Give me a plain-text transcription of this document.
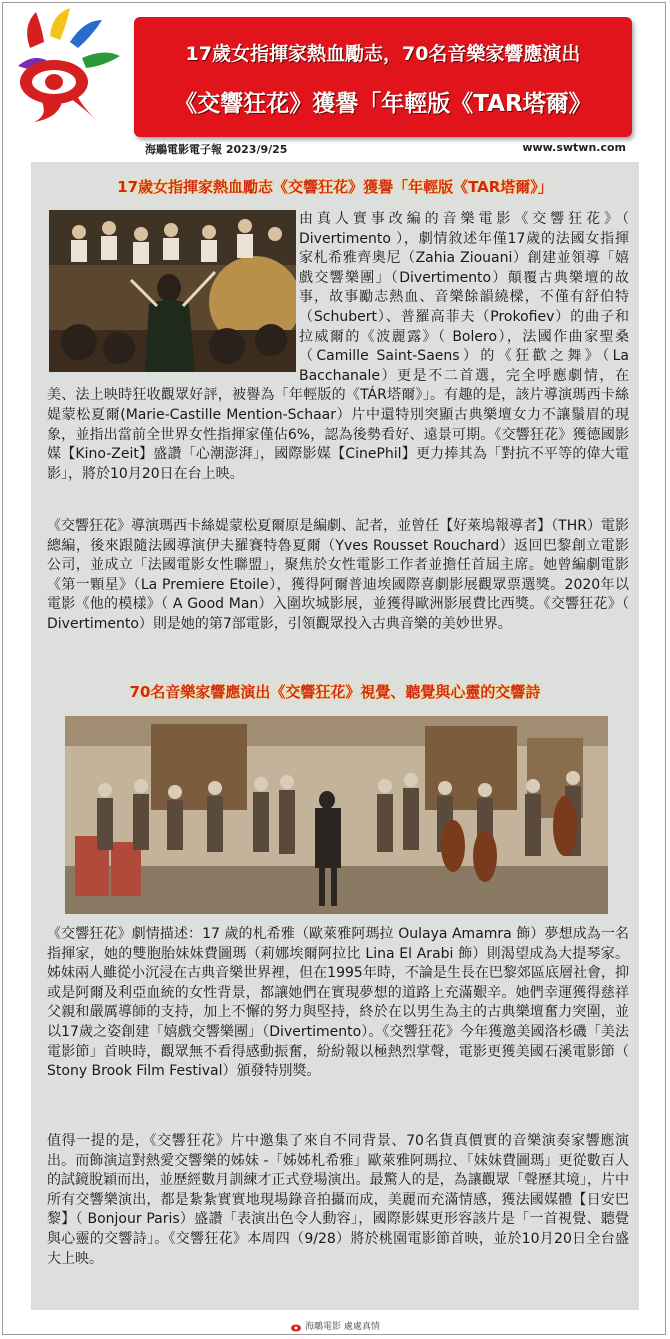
17歲女指揮家熱血勵志，70名音樂家響應演出
《交響狂花》獲譽「年輕版《TAR塔爾》
海鵰電影電子報 2023/9/25	www.swtwn.com
17歲女指揮家熱血勵志《交響狂花》獲譽「年輕版《TAR塔爾》」

由真人實事改編的音樂電影《交響狂花》（ Divertimento ），劇情敘述年僅17歲的法國女指揮家札希雅齊奧尼（Zahia Ziouani）創建並領導「嬉戲交響樂團」（Divertimento）顛覆古典樂壇的故事，故事勵志熱血、音樂餘韻繞樑，不僅有舒伯特（Schubert）、普羅高菲夫（Prokofiev）的曲子和拉威爾的《波麗露》（ Bolero），法國作曲家聖桑（Camille Saint-Saens）的《狂歡之舞》（La Bacchanale）更是不二首選，完全呼應劇情，在美、法上映時狂收觀眾好評，被譽為「年輕版的《TÁR塔爾》」。有趣的是，該片導演瑪西卡絲媞蒙松夏爾(Marie-Castille Mention-Schaar）片中還特別突顯古典樂壇女力不讓鬚眉的現象，並指出當前全世界女性指揮家僅佔6%，認為後勢看好、遠景可期。《交響狂花》獲德國影媒【Kino-Zeit】盛讚「心潮澎湃」，國際影媒【CinePhil】更力捧其為「對抗不平等的偉大電影」，將於10月20日在台上映。

《交響狂花》導演瑪西卡絲媞蒙松夏爾原是編劇、記者，並曾任【好萊塢報導者】（THR）電影總編，後來跟隨法國導演伊夫羅賽特魯夏爾（Yves Rousset Rouchard）返回巴黎創立電影公司，並成立「法國電影女性聯盟」，聚焦於女性電影工作者並擔任首屆主席。她曾編劇電影《第一顆星》（La Premiere Etoile），獲得阿爾普迪埃國際喜劇影展觀眾票選獎。2020年以電影《他的模樣》（ A Good Man）入圍坎城影展，並獲得歐洲影展費比西獎。《交響狂花》（ Divertimento）則是她的第7部電影，引領觀眾投入古典音樂的美妙世界。

70名音樂家響應演出《交響狂花》視覺、聽覺與心靈的交響詩

《交響狂花》劇情描述：17 歲的札希雅（歐萊雅阿瑪拉 Oulaya Amamra 飾）夢想成為一名指揮家，她的雙胞胎妹妹費圖瑪（莉娜埃爾阿拉比 Lina El Arabi 飾）則渴望成為大提琴家。姊妹兩人雖從小沉浸在古典音樂世界裡，但在1995年時，不論是生長在巴黎郊區底層社會，抑或是阿爾及利亞血統的女性背景，都讓她們在實現夢想的道路上充滿艱辛。她們幸運獲得慈祥父親和嚴厲導師的支持，加上不懈的努力與堅持，終於在以男生為主的古典樂壇奮力突圍，並以17歲之姿創建「嬉戲交響樂團」（Divertimento）。《交響狂花》今年獲邀美國洛杉磯「美法電影節」首映時，觀眾無不看得感動振奮，紛紛報以極熱烈掌聲，電影更獲美國石溪電影節（ Stony Brook Film Festival）頒發特別獎。

值得一提的是，《交響狂花》片中邀集了來自不同背景、70名貨真價實的音樂演奏家響應演出。而飾演這對熱愛交響樂的姊妹 -「姊姊札希雅」歐萊雅阿瑪拉、「妹妹費圖瑪」更從數百人的試鏡脫穎而出，並歷經數月訓練才正式登場演出。最驚人的是，為讓觀眾「聲歷其境」，片中所有交響樂演出，都是紮紮實實地現場錄音拍攝而成，美麗而充滿情感，獲法國媒體【日安巴黎】（ Bonjour Paris）盛讚「表演出色令人動容」，國際影媒更形容該片是「一首視覺、聽覺與心靈的交響詩」。《交響狂花》本周四（9/28）將於桃園電影節首映，並於10月20日全台盛大上映。

海鵰電影 處處真情
